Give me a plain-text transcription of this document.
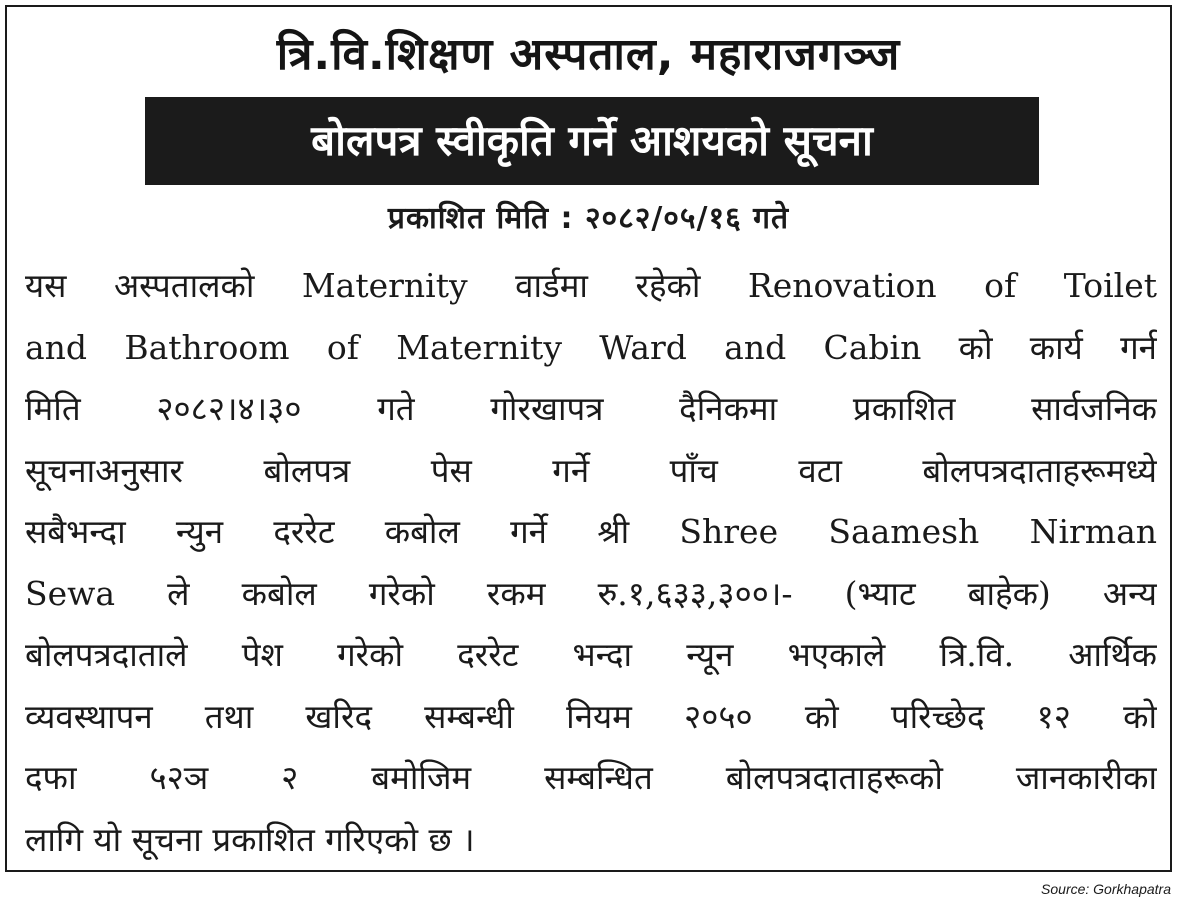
त्रि.वि.शिक्षण अस्पताल, महाराजगञ्ज
बोलपत्र स्वीकृति गर्ने आशयको सूचना
प्रकाशित मिति : २०८२/०५/१६ गते
यस अस्पतालको Maternity वार्डमा रहेको Renovation of Toilet
and Bathroom of Maternity Ward and Cabin को कार्य गर्न
मिति २०८२।४।३० गते गोरखापत्र दैनिकमा प्रकाशित सार्वजनिक
सूचनाअनुसार बोलपत्र पेस गर्ने पाँच वटा बोलपत्रदाताहरूमध्ये
सबैभन्दा न्युन दररेट कबोल गर्ने श्री Shree Saamesh Nirman
Sewa ले कबोल गरेको रकम रु.१,६३३,३००।- (भ्याट बाहेक) अन्य
बोलपत्रदाताले पेश गरेको दररेट भन्दा न्यून भएकाले त्रि.वि. आर्थिक
व्यवस्थापन तथा खरिद सम्बन्धी नियम २०५० को परिच्छेद १२ को
दफा ५२ञ २ बमोजिम सम्बन्धित बोलपत्रदाताहरूको जानकारीका
लागि यो सूचना प्रकाशित गरिएको छ ।
Source: Gorkhapatra
